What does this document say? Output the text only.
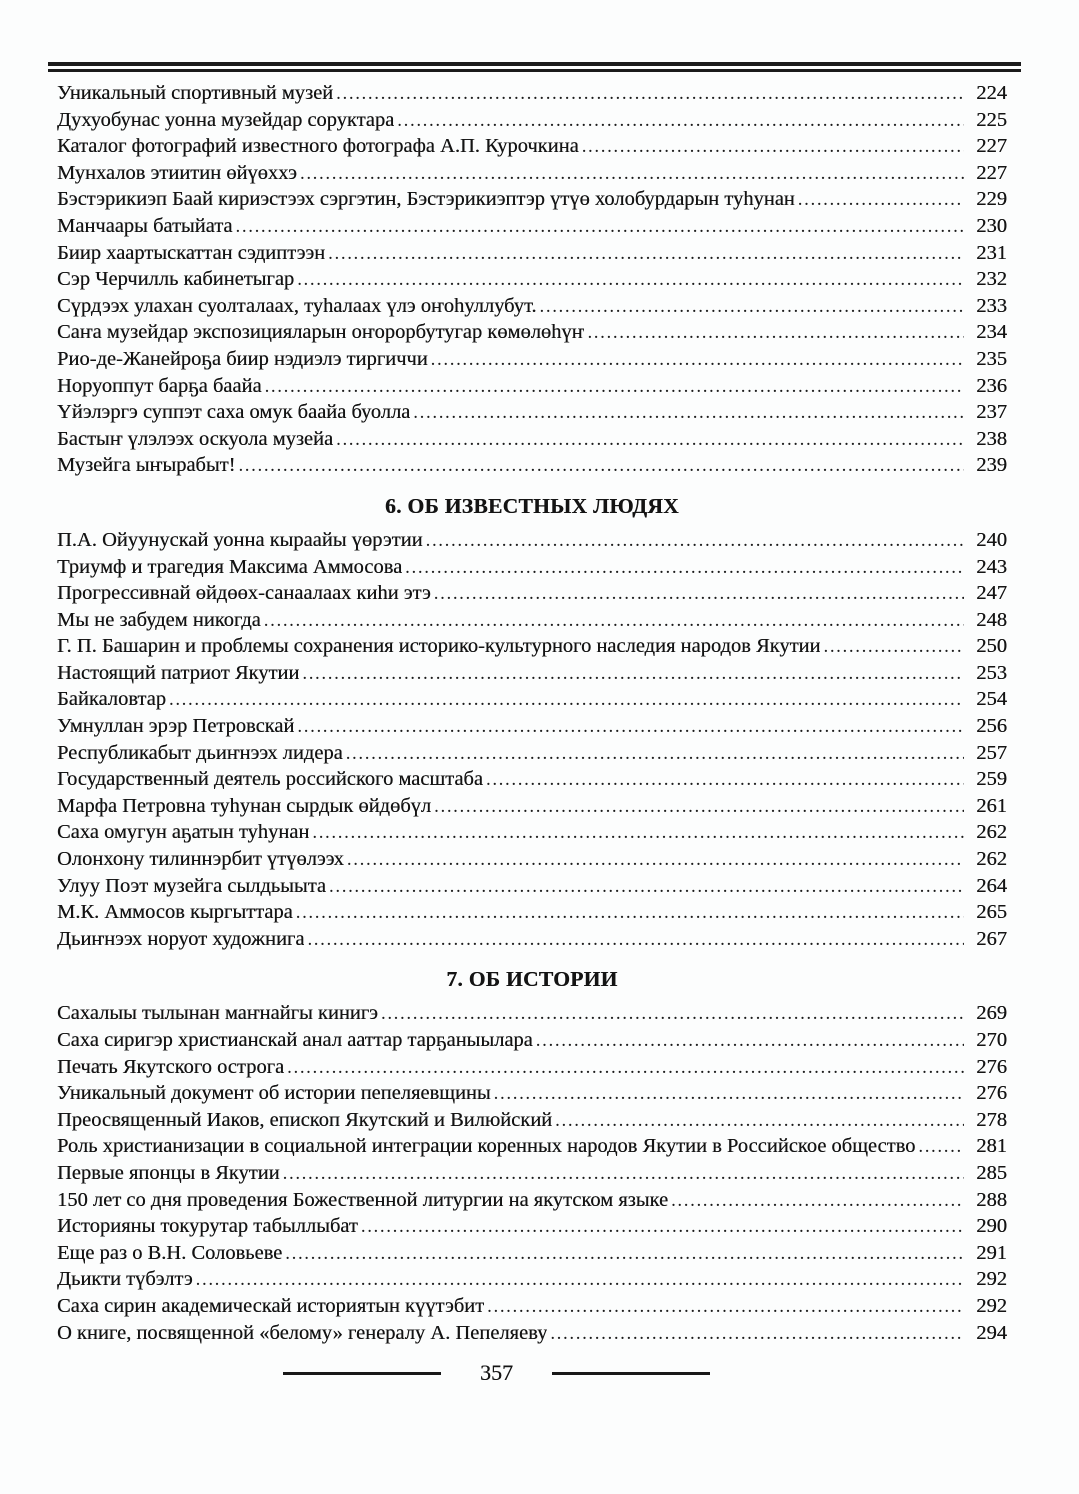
Уникальный спортивный музей .....	224
Духуобунас уонна музейдар соруктара .....	225
Каталог фотографий известного фотографа А.П. Курочкина .....	227
Мунхалов этиитин өйүөххэ .....	227
Бэстэрикиэп Баай кириэстээх сэргэтин, Бэстэрикиэптэр үтүө холобурдарын туһунан .....	229
Манчаары батыйата .....	230
Биир хаартыскаттан сэдиптээн .....	231
Сэр Черчилль кабинетыгар .....	232
Сүрдээх улахан суолталаах, туһалаах үлэ оҥоһуллубут. .....	233
Саҥа музейдар экспозицияларын оҥорорбутугар көмөлөһүҥ .....	234
Рио-де-Жанейроҕа биир нэдиэлэ тиргиччи .....	235
Норуоппут барҕа баайа .....	236
Үйэлэргэ суппэт саха омук баайа буолла .....	237
Бастыҥ үлэлээх оскуола музейа .....	238
Музейга ыҥырабыт! .....	239
6. ОБ ИЗВЕСТНЫХ ЛЮДЯХ
П.А. Ойуунускай уонна кыраайы үөрэтии .....	240
Триумф и трагедия Максима Аммосова .....	243
Прогрессивнай өйдөөх-санаалаах киһи этэ .....	247
Мы не забудем никогда .....	248
Г. П. Башарин и проблемы сохранения историко-культурного наследия народов Якутии .....	250
Настоящий патриот Якутии .....	253
Байкаловтар .....	254
Умнуллан эрэр Петровскай .....	256
Республикабыт дьиҥнээх лидера .....	257
Государственный деятель российского масштаба .....	259
Марфа Петровна туһунан сырдык өйдөбүл .....	261
Саха омугун аҕатын туһунан .....	262
Олонхону тилиннэрбит үтүөлээх .....	262
Улуу Поэт музейга сылдьыыта .....	264
М.К. Аммосов кыргыттара .....	265
Дьиҥнээх норуот художнига .....	267
7. ОБ ИСТОРИИ
Сахалыы тылынан маҥнайгы кинигэ .....	269
Саха сиригэр христианскай анал ааттар тарҕаныылара .....	270
Печать Якутского острога .....	276
Уникальный документ об истории пепеляевщины .....	276
Преосвященный Иаков, епископ Якутский и Вилюйский .....	278
Роль христианизации в социальной интеграции коренных народов Якутии в Российское общество .....	281
Первые японцы в Якутии .....	285
150 лет со дня проведения Божественной литургии на якутском языке .....	288
Историяны токурутар табыллыбат .....	290
Еще раз о В.Н. Соловьеве .....	291
Дьикти түбэлтэ .....	292
Саха сирин академическай историятын күүтэбит .....	292
О книге, посвященной «белому» генералу А. Пепеляеву .....	294
357
